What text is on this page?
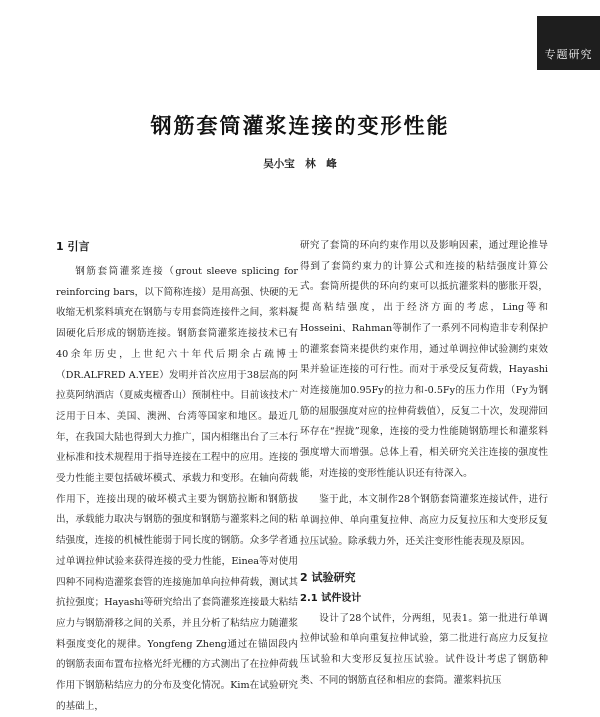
专题研究
钢筋套筒灌浆连接的变形性能
吴小宝　林　峰

1 引言

钢筋套筒灌浆连接（grout sleeve splicing for reinforcing bars，以下简称连接）是用高强、快硬的无收缩无机浆料填充在钢筋与专用套筒连接件之间，浆料凝固硬化后形成的钢筋连接。钢筋套筒灌浆连接技术已有40余年历史，上世纪六十年代后期余占疏博士（DR.ALFRED A.YEE）发明并首次应用于38层高的阿拉莫阿纳酒店（夏威夷檀香山）预制柱中。目前该技术广泛用于日本、美国、澳洲、台湾等国家和地区。最近几年，在我国大陆也得到大力推广，国内相继出台了三本行业标准和技术规程用于指导连接在工程中的应用。连接的受力性能主要包括破坏模式、承载力和变形。在轴向荷载作用下，连接出现的破坏模式主要为钢筋拉断和钢筋拔出，承载能力取决与钢筋的强度和钢筋与灌浆料之间的粘结强度，连接的机械性能弱于同长度的钢筋。众多学者通过单调拉伸试验来获得连接的受力性能，Einea等对使用四种不同构造灌浆套管的连接施加单向拉伸荷载，测试其抗拉强度；Hayashi等研究给出了套筒灌浆连接最大粘结应力与钢筋滑移之间的关系，并且分析了粘结应力随灌浆料强度变化的规律。Yongfeng Zheng通过在锚固段内的钢筋表面布置布拉格光纤光栅的方式测出了在拉伸荷载作用下钢筋粘结应力的分布及变化情况。Kim在试验研究的基础上，

研究了套筒的环向约束作用以及影响因素，通过理论推导得到了套筒约束力的计算公式和连接的粘结强度计算公式。套筒所提供的环向约束可以抵抗灌浆料的膨胀开裂，提高粘结强度，出于经济方面的考虑，Ling等和Hosseini、Rahman等制作了一系列不同构造非专利保护的灌浆套筒来提供约束作用，通过单调拉伸试验测约束效果并验证连接的可行性。而对于承受反复荷载，Hayashi对连接施加0.95Fy的拉力和-0.5Fy的压力作用（Fy为钢筋的屈服强度对应的拉伸荷载值），反复二十次，发现滞回环存在“捏拢”现象，连接的受力性能随钢筋埋长和灌浆料强度增大而增强。总体上看，相关研究关注连接的强度性能，对连接的变形性能认识还有待深入。

鉴于此，本文制作28个钢筋套筒灌浆连接试件，进行单调拉伸、单向重复拉伸、高应力反复拉压和大变形反复拉压试验。除承载力外，还关注变形性能表现及原因。

2 试验研究

2.1 试件设计

设计了28个试件，分两组，见表1。第一批进行单调拉伸试验和单向重复拉伸试验，第二批进行高应力反复拉压试验和大变形反复拉压试验。试件设计考虑了钢筋种类、不同的钢筋直径和相应的套筒。灌浆料抗压
